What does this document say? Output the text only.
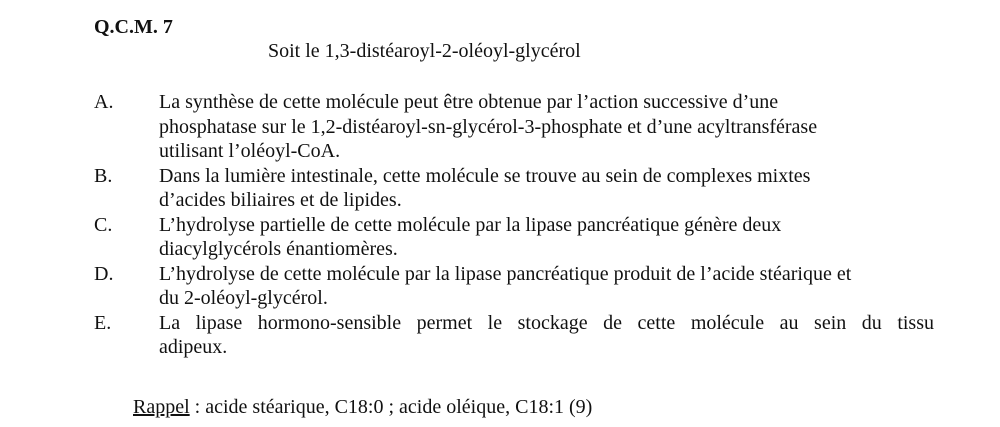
Q.C.M. 7
Soit le 1,3-distéaroyl-2-oléoyl-glycérol
A.	La synthèse de cette molécule peut être obtenue par l’action successive d’une
phosphatase sur le 1,2-distéaroyl-sn-glycérol-3-phosphate et d’une acyltransférase
utilisant l’oléoyl-CoA.
B.	Dans la lumière intestinale, cette molécule se trouve au sein de complexes mixtes
d’acides biliaires et de lipides.
C.	L’hydrolyse partielle de cette molécule par la lipase pancréatique génère deux
diacylglycérols énantiomères.
D.	L’hydrolyse de cette molécule par la lipase pancréatique produit de l’acide stéarique et
du 2-oléoyl-glycérol.
E.	La lipase hormono-sensible permet le stockage de cette molécule au sein du tissu
adipeux.
Rappel : acide stéarique, C18:0 ; acide oléique, C18:1 (9)
